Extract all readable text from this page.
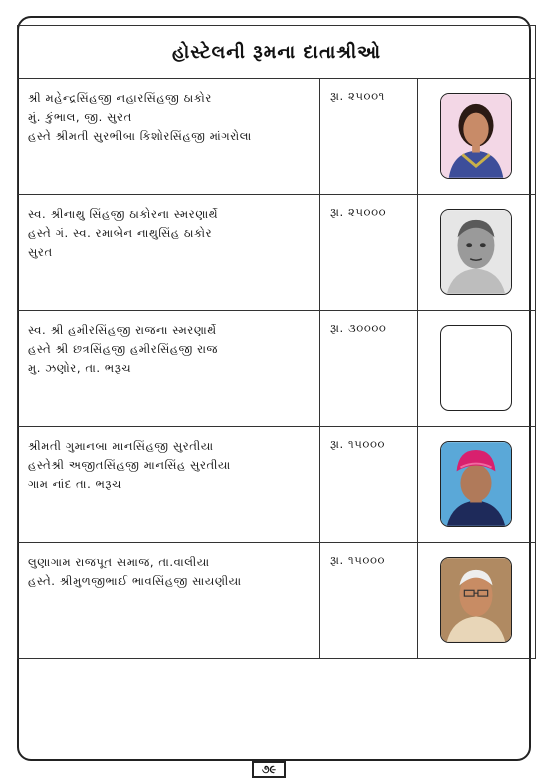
હોસ્ટેલની રૂમના દાતાશ્રીઓ		

શ્રી મહેન્દ્રસિંહજી નહારસિંહજી ઠાકોર
મું. કુંભાલ, જી. સુરત
હસ્તે શ્રીમતી સુરભીબા કિશોરસિંહજી માંગરોલા	રૂા. ૨૫૦૦૧

સ્વ. શ્રીનાથુ સિંહજી ઠાકોરના સ્મરણાર્થે
હસ્તે ગં. સ્વ. રમાબેન નાથુસિંહ ઠાકોર
સુરત	રૂા. ૨૫૦૦૦

સ્વ. શ્રી હમીરસિંહજી રાજના સ્મરણાર્થે
હસ્તે શ્રી છત્રસિંહજી હમીરસિંહજી રાજ
મુ. ઝણોર, તા. ભરૂચ	રૂા. ૩૦૦૦૦	

શ્રીમતી ગુમાનબા માનસિંહજી સુરતીયા
હસ્તેશ્રી અજીતસિંહજી માનસિંહ સુરતીયા
ગામ નાંદ તા. ભરૂચ	રૂા. ૧૫૦૦૦

લુણાગામ રાજપૂત સમાજ, તા.વાલીયા
હસ્તે. શ્રીમુળજીભાઈ ભાવસિંહજી સાયણીયા	રૂા. ૧૫૦૦૦

૭૯
